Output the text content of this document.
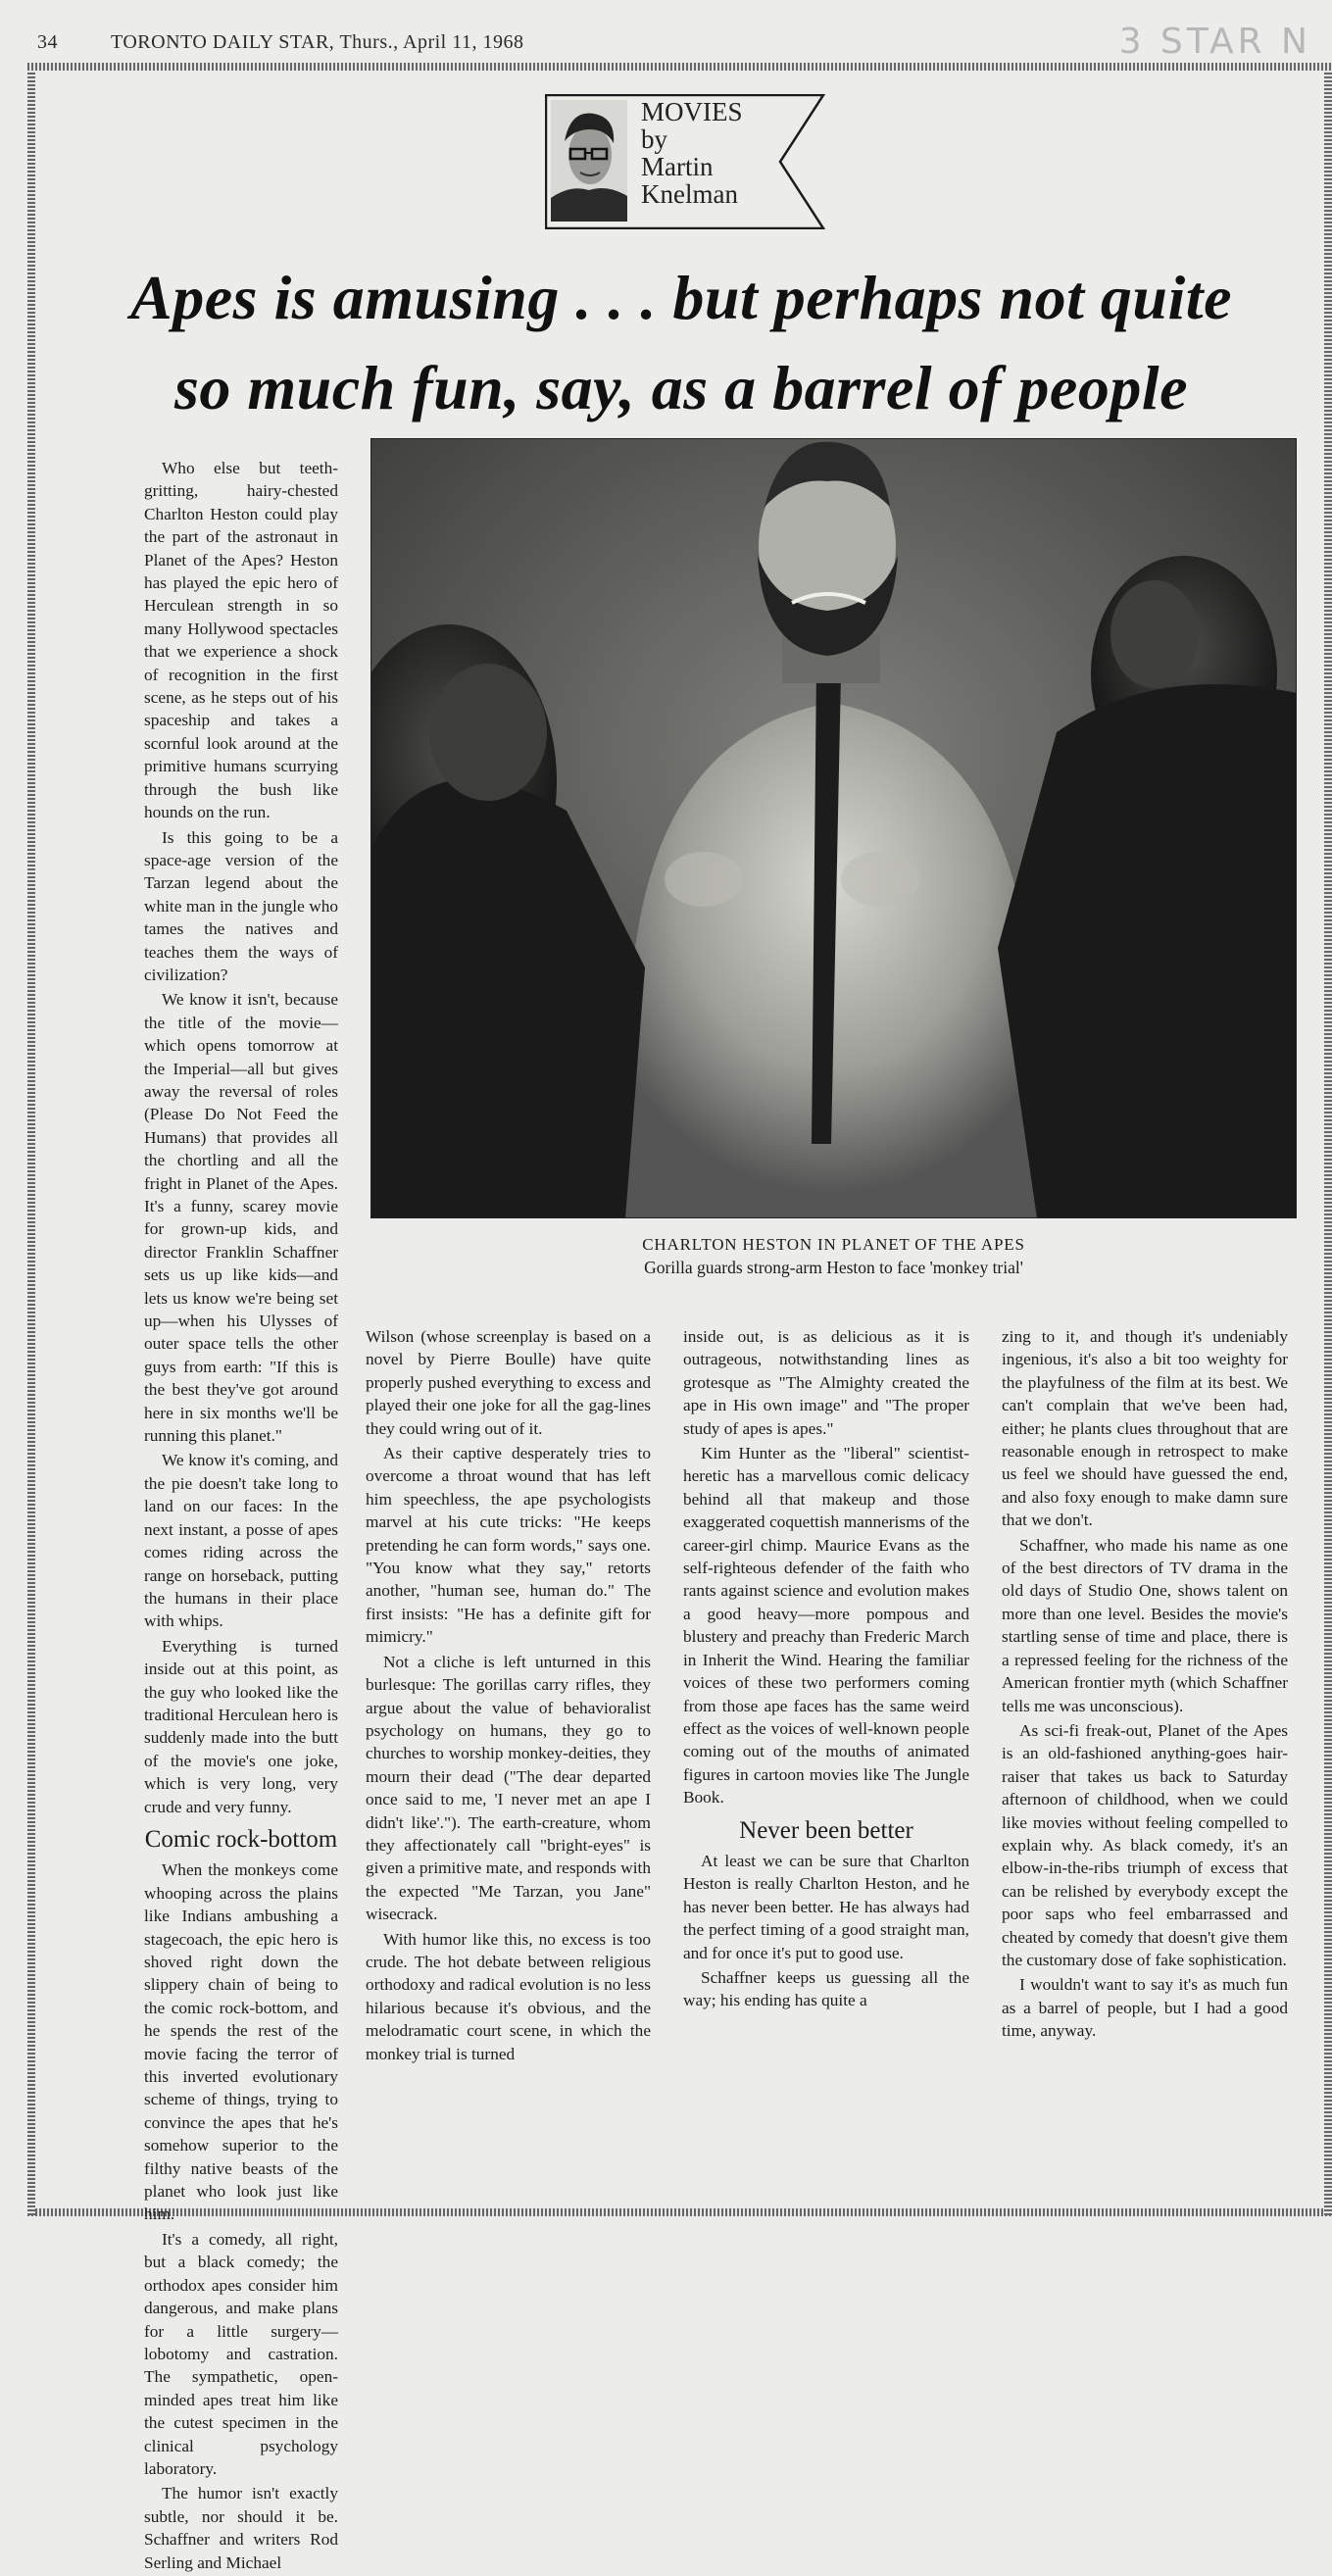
34	TORONTO DAILY STAR, Thurs., April 11, 1968	3 STAR N
MOVIES
by
Martin
Knelman
Apes is amusing . . . but perhaps not quite
so much fun, say, as a barrel of people

Who else but teeth-gritting, hairy-chested Charlton Heston could play the part of the astronaut in Planet of the Apes? Heston has played the epic hero of Herculean strength in so many Hollywood spectacles that we experience a shock of recognition in the first scene, as he steps out of his spaceship and takes a scornful look around at the primitive humans scurrying through the bush like hounds on the run.

Is this going to be a space-age version of the Tarzan legend about the white man in the jungle who tames the natives and teaches them the ways of civilization?

We know it isn't, because the title of the movie—which opens tomorrow at the Imperial—all but gives away the reversal of roles (Please Do Not Feed the Humans) that provides all the chortling and all the fright in Planet of the Apes. It's a funny, scarey movie for grown-up kids, and director Franklin Schaffner sets us up like kids—and lets us know we're being set up—when his Ulysses of outer space tells the other guys from earth: "If this is the best they've got around here in six months we'll be running this planet."

We know it's coming, and the pie doesn't take long to land on our faces: In the next instant, a posse of apes comes riding across the range on horseback, putting the humans in their place with whips.

Everything is turned inside out at this point, as the guy who looked like the traditional Herculean hero is suddenly made into the butt of the movie's one joke, which is very long, very crude and very funny.

Comic rock-bottom

When the monkeys come whooping across the plains like Indians ambushing a stagecoach, the epic hero is shoved right down the slippery chain of being to the comic rock-bottom, and he spends the rest of the movie facing the terror of this inverted evolutionary scheme of things, trying to convince the apes that he's somehow superior to the filthy native beasts of the planet who look just like him.

It's a comedy, all right, but a black comedy; the orthodox apes consider him dangerous, and make plans for a little surgery—lobotomy and castration. The sympathetic, open-minded apes treat him like the cutest specimen in the clinical psychology laboratory.

The humor isn't exactly subtle, nor should it be. Schaffner and writers Rod Serling and Michael

CHARLTON HESTON IN PLANET OF THE APES
Gorilla guards strong-arm Heston to face 'monkey trial'

Wilson (whose screenplay is based on a novel by Pierre Boulle) have quite properly pushed everything to excess and played their one joke for all the gag-lines they could wring out of it.

As their captive desperately tries to overcome a throat wound that has left him speechless, the ape psychologists marvel at his cute tricks: "He keeps pretending he can form words," says one. "You know what they say," retorts another, "human see, human do." The first insists: "He has a definite gift for mimicry."

Not a cliche is left unturned in this burlesque: The gorillas carry rifles, they argue about the value of behavioralist psychology on humans, they go to churches to worship monkey-deities, they mourn their dead ("The dear departed once said to me, 'I never met an ape I didn't like'."). The earth-creature, whom they affectionately call "bright-eyes" is given a primitive mate, and responds with the expected "Me Tarzan, you Jane" wisecrack.

With humor like this, no excess is too crude. The hot debate between religious orthodoxy and radical evolution is no less hilarious because it's obvious, and the melodramatic court scene, in which the monkey trial is turned

inside out, is as delicious as it is outrageous, notwithstanding lines as grotesque as "The Almighty created the ape in His own image" and "The proper study of apes is apes."

Kim Hunter as the "liberal" scientist-heretic has a marvellous comic delicacy behind all that makeup and those exaggerated coquettish mannerisms of the career-girl chimp. Maurice Evans as the self-righteous defender of the faith who rants against science and evolution makes a good heavy—more pompous and blustery and preachy than Frederic March in Inherit the Wind. Hearing the familiar voices of these two performers coming from those ape faces has the same weird effect as the voices of well-known people coming out of the mouths of animated figures in cartoon movies like The Jungle Book.

Never been better

At least we can be sure that Charlton Heston is really Charlton Heston, and he has never been better. He has always had the perfect timing of a good straight man, and for once it's put to good use.

Schaffner keeps us guessing all the way; his ending has quite a

zing to it, and though it's undeniably ingenious, it's also a bit too weighty for the playfulness of the film at its best. We can't complain that we've been had, either; he plants clues throughout that are reasonable enough in retrospect to make us feel we should have guessed the end, and also foxy enough to make damn sure that we don't.

Schaffner, who made his name as one of the best directors of TV drama in the old days of Studio One, shows talent on more than one level. Besides the movie's startling sense of time and place, there is a repressed feeling for the richness of the American frontier myth (which Schaffner tells me was unconscious).

As sci-fi freak-out, Planet of the Apes is an old-fashioned anything-goes hair-raiser that takes us back to Saturday afternoon of childhood, when we could like movies without feeling compelled to explain why. As black comedy, it's an elbow-in-the-ribs triumph of excess that can be relished by everybody except the poor saps who feel embarrassed and cheated by comedy that doesn't give them the customary dose of fake sophistication.

I wouldn't want to say it's as much fun as a barrel of people, but I had a good time, anyway.
